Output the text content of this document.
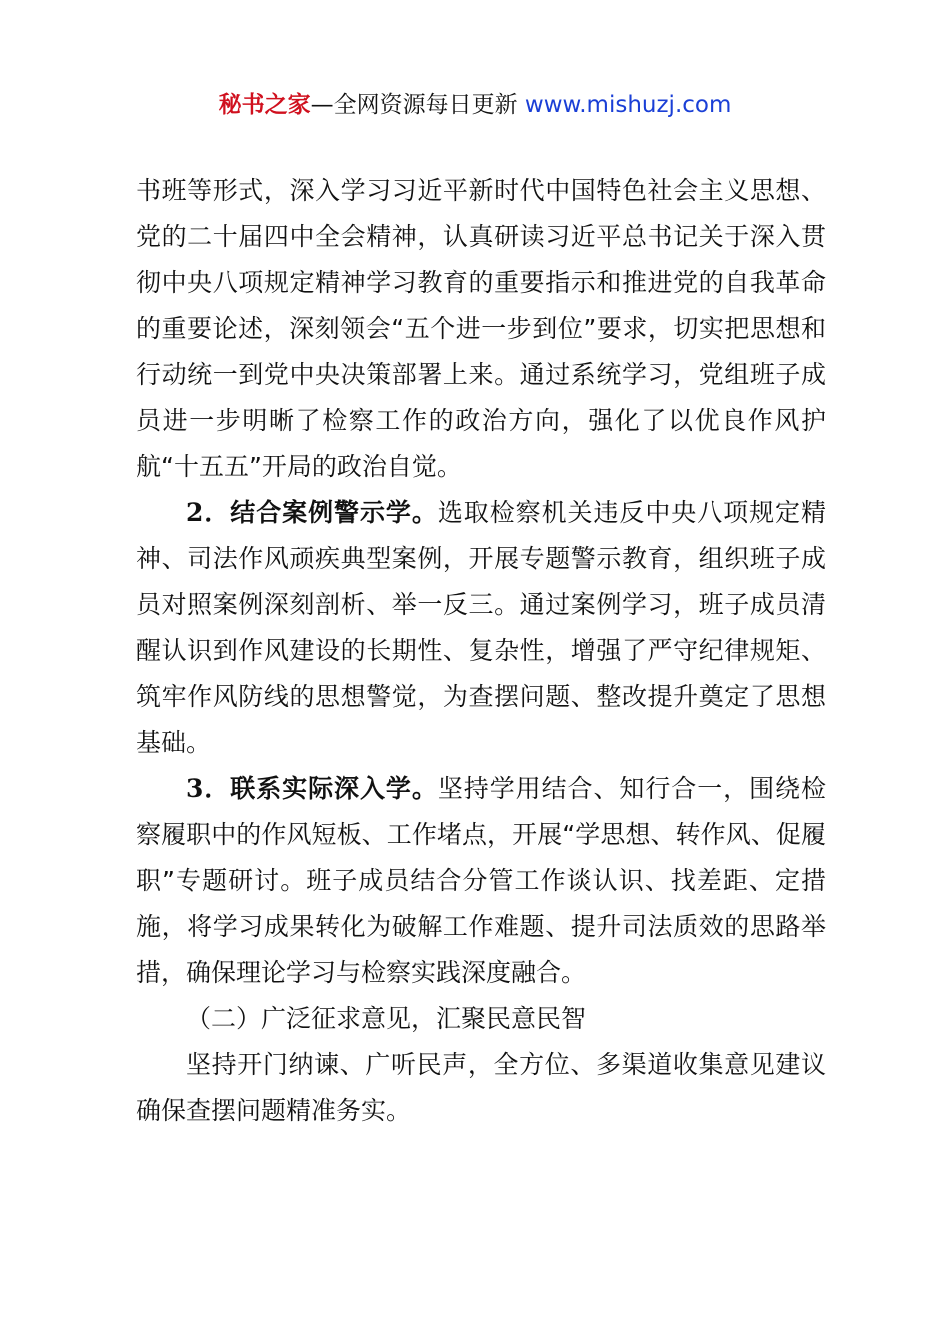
秘书之家—全网资源每日更新 www.mishuzj.com

书班等形式，深入学习习近平新时代中国特色社会主义思想、党的二十届四中全会精神，认真研读习近平总书记关于深入贯彻中央八项规定精神学习教育的重要指示和推进党的自我革命的重要论述，深刻领会“五个进一步到位”要求，切实把思想和行动统一到党中央决策部署上来。通过系统学习，党组班子成员进一步明晰了检察工作的政治方向，强化了以优良作风护航“十五五”开局的政治自觉。

2．结合案例警示学。选取检察机关违反中央八项规定精神、司法作风顽疾典型案例，开展专题警示教育，组织班子成员对照案例深刻剖析、举一反三。通过案例学习，班子成员清醒认识到作风建设的长期性、复杂性，增强了严守纪律规矩、筑牢作风防线的思想警觉，为查摆问题、整改提升奠定了思想基础。

3．联系实际深入学。坚持学用结合、知行合一，围绕检察履职中的作风短板、工作堵点，开展“学思想、转作风、促履职”专题研讨。班子成员结合分管工作谈认识、找差距、定措施，将学习成果转化为破解工作难题、提升司法质效的思路举措，确保理论学习与检察实践深度融合。

（二）广泛征求意见，汇聚民意民智

坚持开门纳谏、广听民声，全方位、多渠道收集意见建议确保查摆问题精准务实。
